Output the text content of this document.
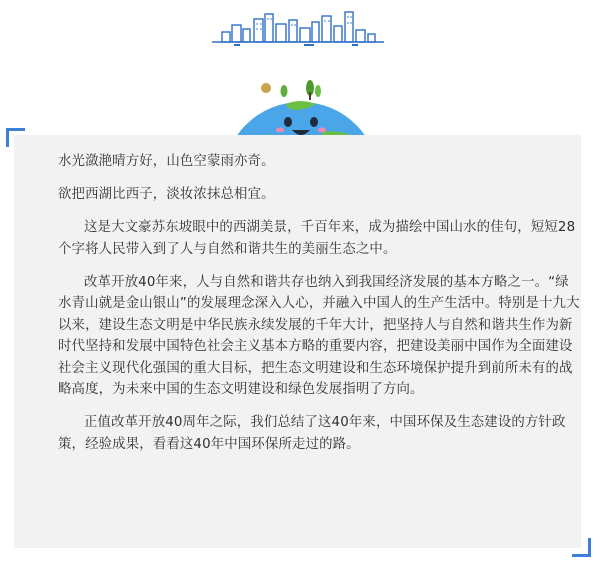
水光潋滟晴方好，山色空蒙雨亦奇。

欲把西湖比西子，淡妆浓抹总相宜。

这是大文豪苏东坡眼中的西湖美景，千百年来，成为描绘中国山水的佳句，短短28个字将人民带入到了人与自然和谐共生的美丽生态之中。

改革开放40年来，人与自然和谐共存也纳入到我国经济发展的基本方略之一。“绿水青山就是金山银山”的发展理念深入人心，并融入中国人的生产生活中。特别是十九大以来，建设生态文明是中华民族永续发展的千年大计，把坚持人与自然和谐共生作为新时代坚持和发展中国特色社会主义基本方略的重要内容，把建设美丽中国作为全面建设社会主义现代化强国的重大目标，把生态文明建设和生态环境保护提升到前所未有的战略高度，为未来中国的生态文明建设和绿色发展指明了方向。

正值改革开放40周年之际，我们总结了这40年来，中国环保及生态建设的方针政策，经验成果，看看这40年中国环保所走过的路。
